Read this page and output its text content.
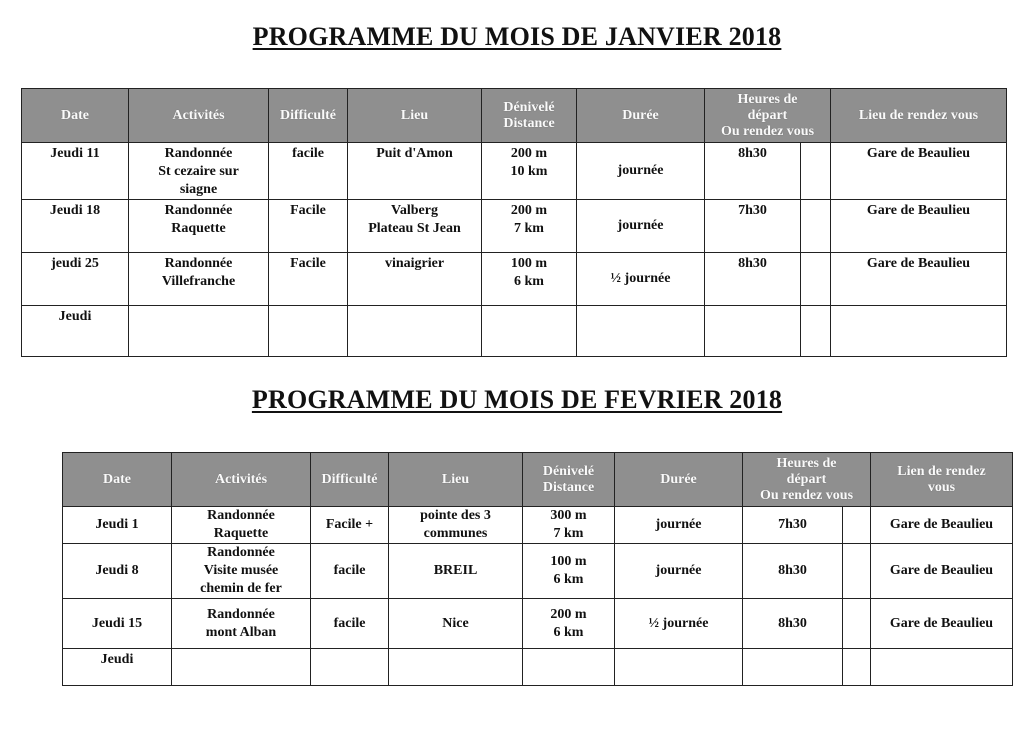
PROGRAMME DU MOIS DE JANVIER 2018
Date	Activités	Difficulté	Lieu	Dénivelé
Distance	Durée	Heures de
départ
Ou rendez vous		Lieu de rendez vous

Jeudi 11	Randonnée
St cezaire sur
siagne	facile	Puit d'Amon	200 m
10 km	journée	8h30		Gare de Beaulieu

Jeudi 18	Randonnée
Raquette	Facile	Valberg
Plateau St Jean	200 m
7 km	journée	7h30		Gare de Beaulieu

jeudi 25	Randonnée
Villefranche	Facile	vinaigrier	100 m
6 km	½ journée	8h30		Gare de Beaulieu

Jeudi								

PROGRAMME DU MOIS DE FEVRIER 2018
Date	Activités	Difficulté	Lieu	Dénivelé
Distance	Durée	Heures de
départ
Ou rendez vous		Lien de rendez
vous

Jeudi 1	Randonnée
Raquette	Facile +	pointe des 3
communes	300 m
7 km	journée	7h30		Gare de Beaulieu

Jeudi 8	Randonnée
Visite musée
chemin de fer	facile	BREIL	100 m
6 km	journée	8h30		Gare de Beaulieu

Jeudi 15	Randonnée
mont Alban	facile	Nice	200 m
6 km	½ journée	8h30		Gare de Beaulieu

Jeudi								
